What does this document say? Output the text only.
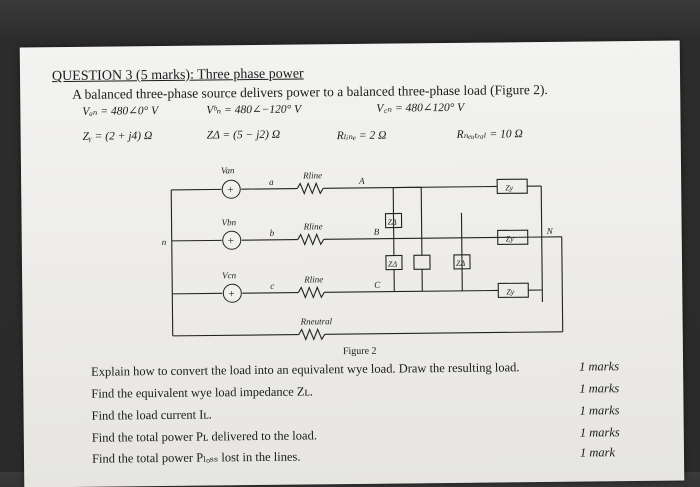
QUESTION 3 (5 marks): Three phase power
A balanced three-phase source delivers power to a balanced three-phase load (Figure 2).
Vₐₙ = 480∠0° V	Vᵇₙ = 480∠−120° V	V꜀ₙ = 480∠120° V
Zᵧ = (2 + j4) Ω	ZΔ = (5 − j2) Ω	Rₗᵢₙₑ = 2 Ω	Rₙₑᵤₜᵣₐₗ = 10 Ω
+
+
+
Van
Vbn
Vcn
a
b
c
n
Rline
Rline
Rline
Rneutral
A
B
C
N
Zy
Zy
Zy
ZΔ
ZΔ	ZΔ
Figure 2
Explain how to convert the load into an equivalent wye load. Draw the resulting load.	1 marks
Find the equivalent wye load impedance Zʟ.	1 marks
Find the load current Iʟ.	1 marks
Find the total power Pʟ delivered to the load.	1 marks
Find the total power Pₗₒₛₛ lost in the lines.	1 mark
